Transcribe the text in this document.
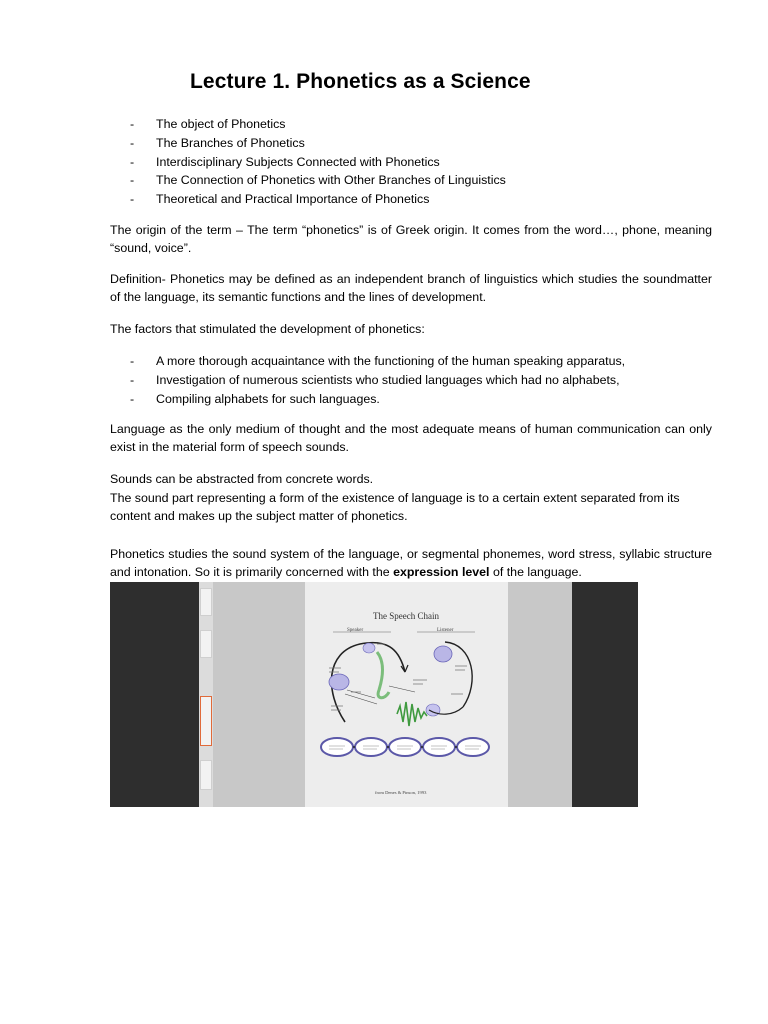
Lecture 1. Phonetics as a Science
- The object of Phonetics
- The Branches of Phonetics
- Interdisciplinary Subjects Connected with Phonetics
- The Connection of Phonetics with Other Branches of Linguistics
- Theoretical and Practical Importance of Phonetics

The origin of the term – The term “phonetics” is of Greek origin. It comes from the word…, phone, meaning “sound, voice”.

Definition- Phonetics may be defined as an independent branch of linguistics which studies the soundmatter of the language, its semantic functions and the lines of development.

The factors that stimulated the development of phonetics:

- A more thorough acquaintance with the functioning of the human speaking apparatus,
- Investigation of numerous scientists who studied languages which had no alphabets,
- Compiling alphabets for such languages.

Language as the only medium of thought and the most adequate means of human communication can only exist in the material form of speech sounds.

Sounds can be abstracted from concrete words.

The sound part representing a form of the existence of language is to a certain extent separated from its content and makes up the subject matter of phonetics.

Phonetics studies the sound system of the language, or segmental phonemes, word stress, syllabic structure and intonation. So it is primarily concerned with the expression level of the language.

The Speech Chain
Speaker	Listener
from Denes & Pinson, 1993
